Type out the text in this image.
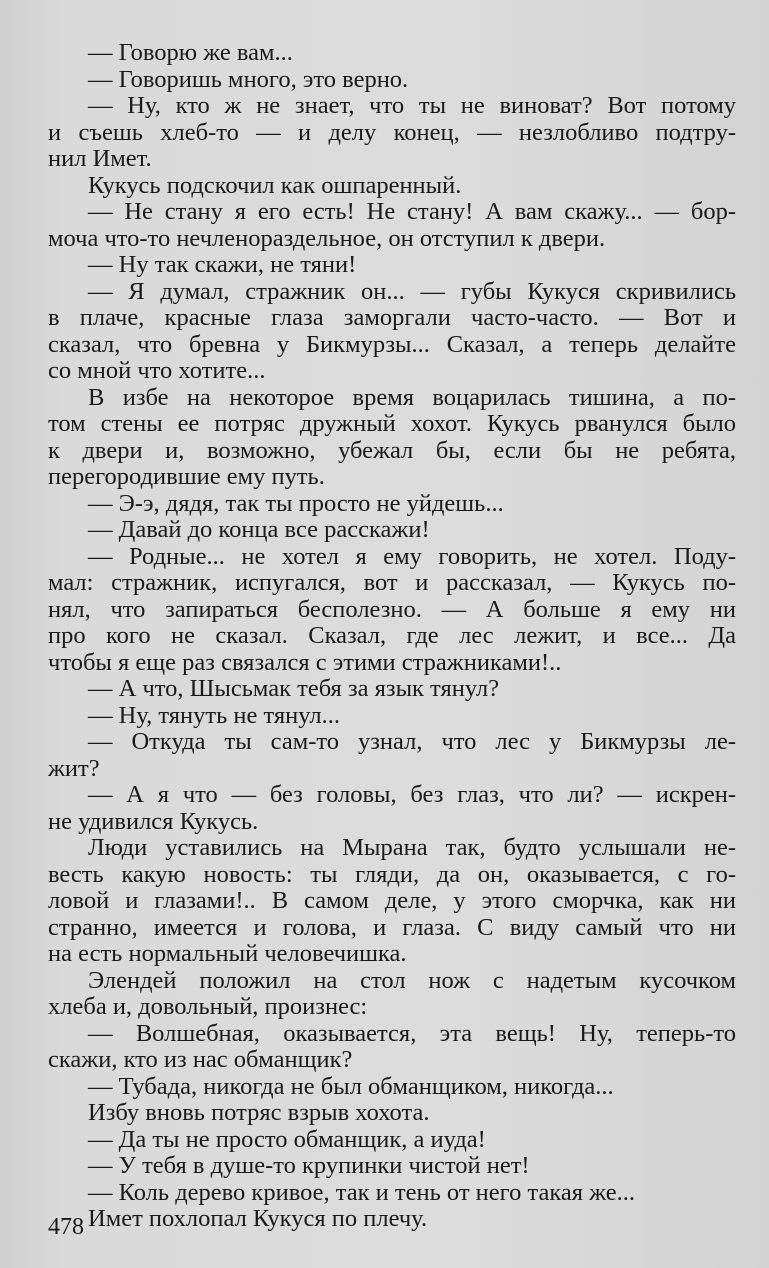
— Говорю же вам...
— Говоришь много, это верно.
— Ну, кто ж не знает, что ты не виноват? Вот потому
и съешь хлеб-то — и делу конец, — незлобливо подтру-
нил Имет.
Кукусь подскочил как ошпаренный.
— Не стану я его есть! Не стану! А вам скажу... — бор-
моча что-то нечленораздельное, он отступил к двери.
— Ну так скажи, не тяни!
— Я думал, стражник он... — губы Кукуся скривились
в плаче, красные глаза заморгали часто-часто. — Вот и
сказал, что бревна у Бикмурзы... Сказал, а теперь делайте
со мной что хотите...
В избе на некоторое время воцарилась тишина, а по-
том стены ее потряс дружный хохот. Кукусь рванулся было
к двери и, возможно, убежал бы, если бы не ребята,
перегородившие ему путь.
— Э-э, дядя, так ты просто не уйдешь...
— Давай до конца все расскажи!
— Родные... не хотел я ему говорить, не хотел. Поду-
мал: стражник, испугался, вот и рассказал, — Кукусь по-
нял, что запираться бесполезно. — А больше я ему ни
про кого не сказал. Сказал, где лес лежит, и все... Да
чтобы я еще раз связался с этими стражниками!..
— А что, Шысьмак тебя за язык тянул?
— Ну, тянуть не тянул...
— Откуда ты сам-то узнал, что лес у Бикмурзы ле-
жит?
— А я что — без головы, без глаз, что ли? — искрен-
не удивился Кукусь.
Люди уставились на Мырана так, будто услышали не-
весть какую новость: ты гляди, да он, оказывается, с го-
ловой и глазами!.. В самом деле, у этого сморчка, как ни
странно, имеется и голова, и глаза. С виду самый что ни
на есть нормальный человечишка.
Элендей положил на стол нож с надетым кусочком
хлеба и, довольный, произнес:
— Волшебная, оказывается, эта вещь! Ну, теперь-то
скажи, кто из нас обманщик?
— Тубада, никогда не был обманщиком, никогда...
Избу вновь потряс взрыв хохота.
— Да ты не просто обманщик, а иуда!
— У тебя в душе-то крупинки чистой нет!
— Коль дерево кривое, так и тень от него такая же...
Имет похлопал Кукуся по плечу.
478
